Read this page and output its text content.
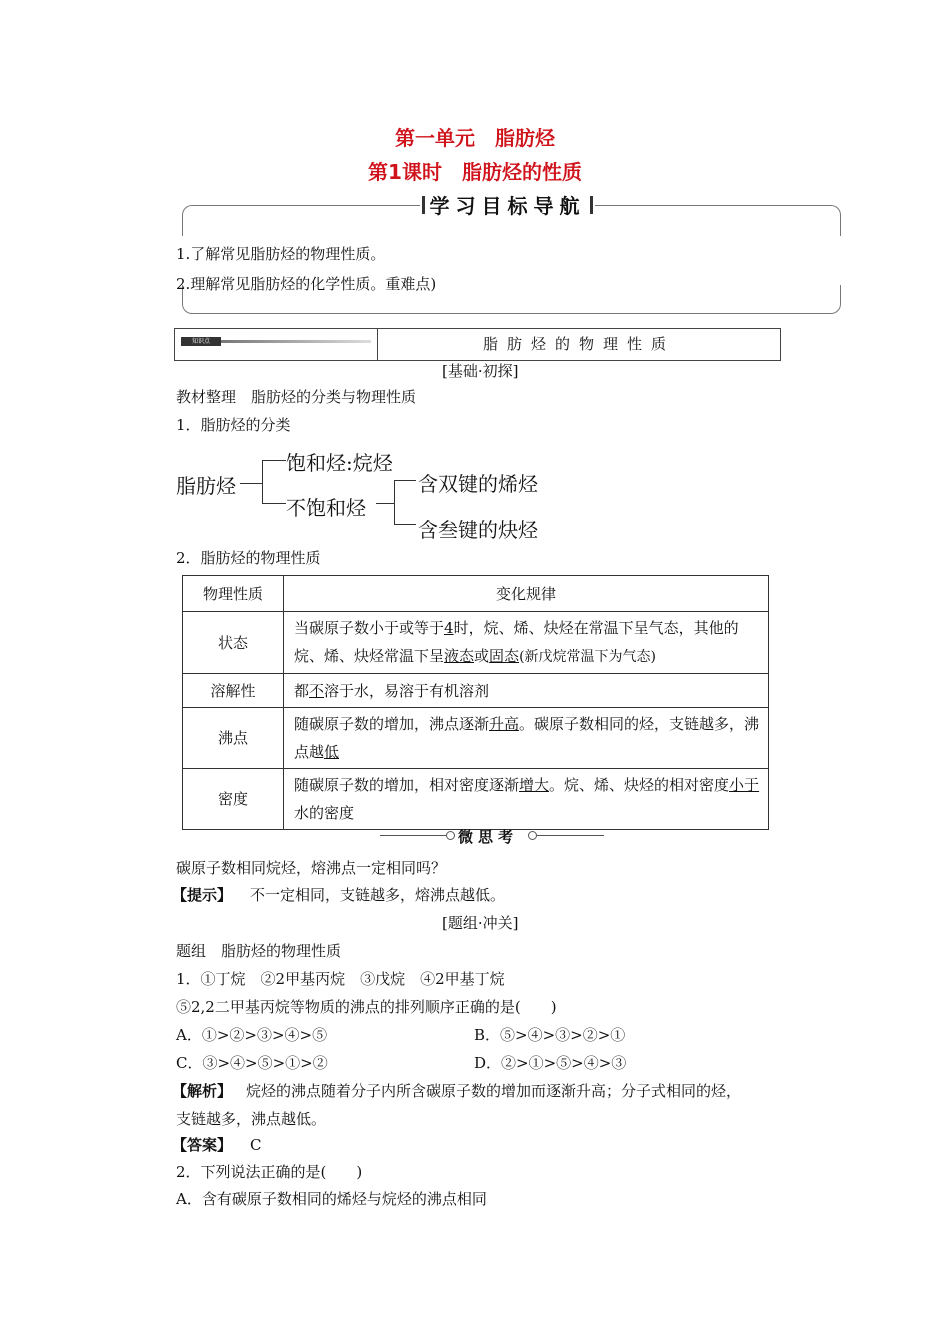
第一单元　脂肪烃
第1课时　脂肪烃的性质
学习目标导航
1.了解常见脂肪烃的物理性质。
2.理解常见脂肪烃的化学性质。重难点)
知识点	脂肪烃的物理性质
[基础·初探]
教材整理　脂肪烃的分类与物理性质
1．脂肪烃的分类
脂肪烃
饱和烃:烷烃
不饱和烃
含双键的烯烃
含叁键的炔烃
2．脂肪烃的物理性质
物理性质	变化规律
状态	当碳原子数小于或等于4时，烷、烯、炔烃在常温下呈气态，其他的烷、烯、炔烃常温下呈液态或固态(新戊烷常温下为气态)
溶解性	都不溶于水，易溶于有机溶剂
沸点	随碳原子数的增加，沸点逐渐升高。碳原子数相同的烃，支链越多，沸点越低
密度	随碳原子数的增加，相对密度逐渐增大。烷、烯、炔烃的相对密度小于水的密度
微思考
碳原子数相同烷烃，熔沸点一定相同吗？
【提示】 不一定相同，支链越多，熔沸点越低。
[题组·冲关]
题组　脂肪烃的物理性质
1．①丁烷　②2甲基丙烷　③戊烷　④2甲基丁烷
⑤2,2二甲基丙烷等物质的沸点的排列顺序正确的是(　　)
A．①>②>③>④>⑤	B．⑤>④>③>②>①
C．③>④>⑤>①>②	D．②>①>⑤>④>③
【解析】 烷烃的沸点随着分子内所含碳原子数的增加而逐渐升高；分子式相同的烃，
支链越多，沸点越低。
【答案】 C
2．下列说法正确的是(　　)
A．含有碳原子数相同的烯烃与烷烃的沸点相同
